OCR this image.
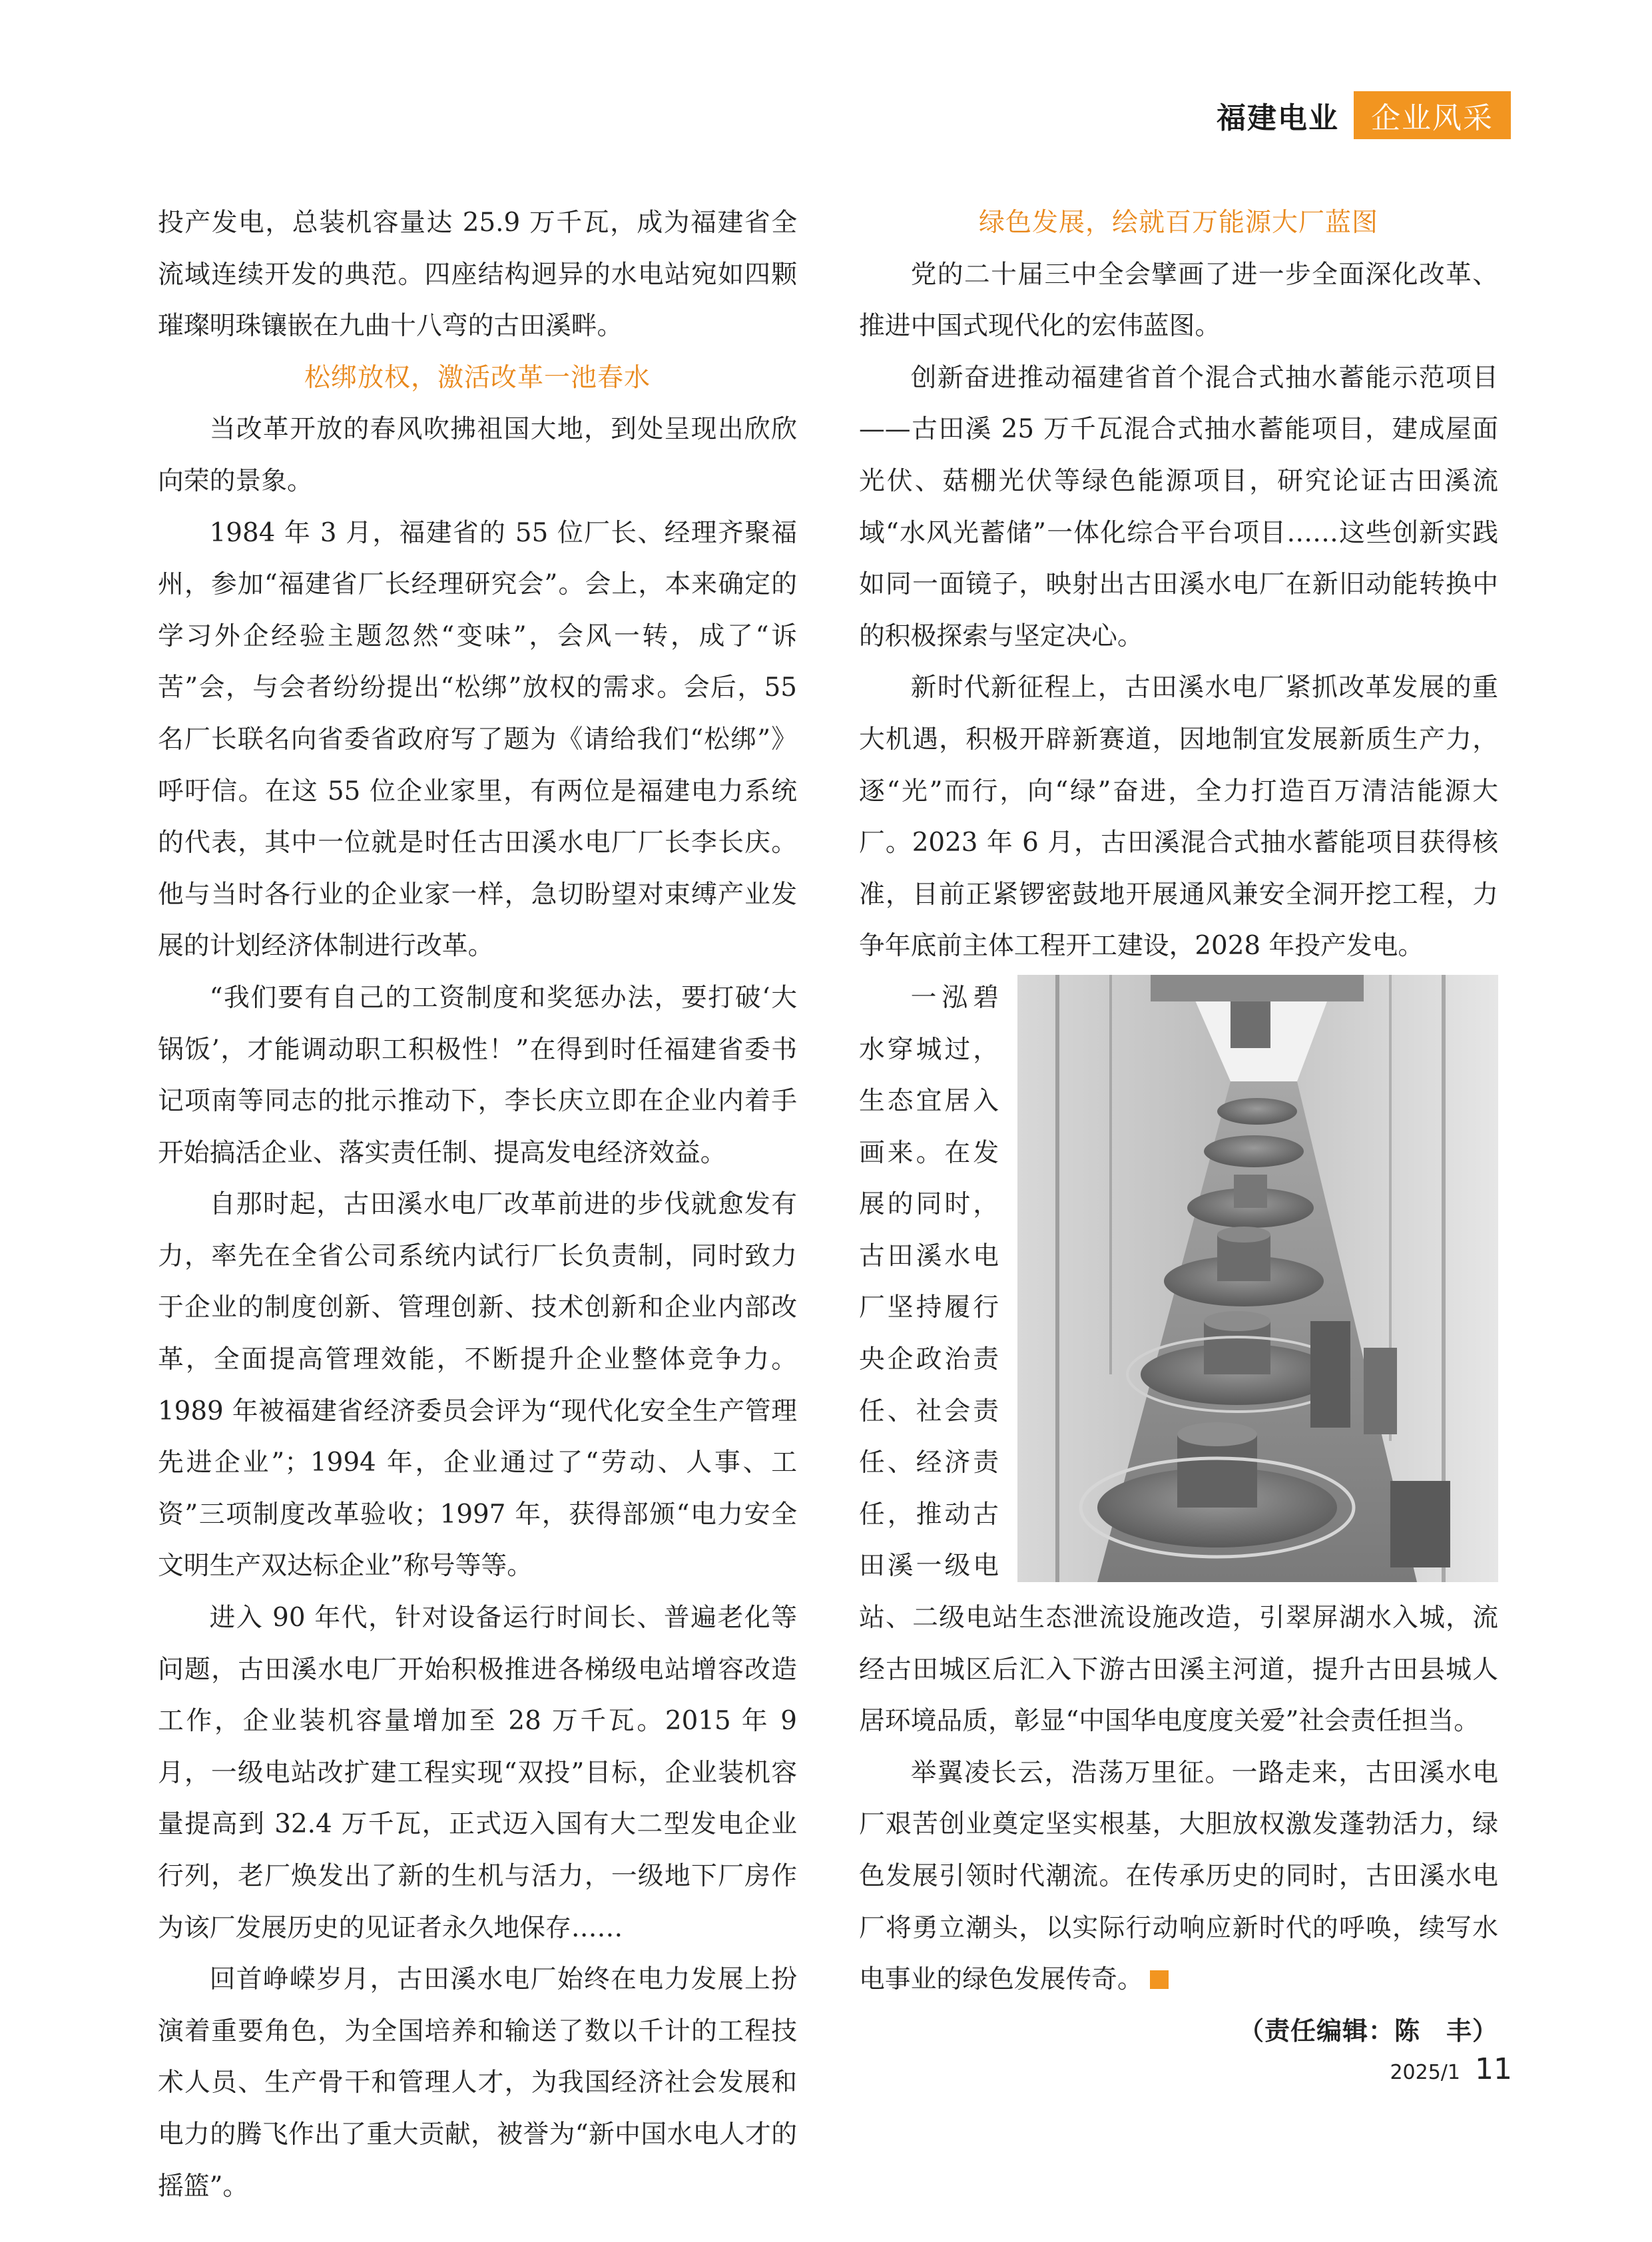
福建电业	企业风采

投产发电，总装机容量达 25.9 万千瓦，成为福建省全流域连续开发的典范。四座结构迥异的水电站宛如四颗璀璨明珠镶嵌在九曲十八弯的古田溪畔。

松绑放权，激活改革一池春水

当改革开放的春风吹拂祖国大地，到处呈现出欣欣向荣的景象。

1984 年 3 月，福建省的 55 位厂长、经理齐聚福州，参加“福建省厂长经理研究会”。会上，本来确定的学习外企经验主题忽然“变味”，会风一转，成了“诉苦”会，与会者纷纷提出“松绑”放权的需求。会后，55 名厂长联名向省委省政府写了题为《请给我们“松绑”》呼吁信。在这 55 位企业家里，有两位是福建电力系统的代表，其中一位就是时任古田溪水电厂厂长李长庆。他与当时各行业的企业家一样，急切盼望对束缚产业发展的计划经济体制进行改革。

“我们要有自己的工资制度和奖惩办法，要打破‘大锅饭’，才能调动职工积极性！”在得到时任福建省委书记项南等同志的批示推动下，李长庆立即在企业内着手开始搞活企业、落实责任制、提高发电经济效益。

自那时起，古田溪水电厂改革前进的步伐就愈发有力，率先在全省公司系统内试行厂长负责制，同时致力于企业的制度创新、管理创新、技术创新和企业内部改革，全面提高管理效能，不断提升企业整体竞争力。1989 年被福建省经济委员会评为“现代化安全生产管理先进企业”；1994 年，企业通过了“劳动、人事、工资”三项制度改革验收；1997 年，获得部颁“电力安全文明生产双达标企业”称号等等。

进入 90 年代，针对设备运行时间长、普遍老化等问题，古田溪水电厂开始积极推进各梯级电站增容改造工作，企业装机容量增加至 28 万千瓦。2015 年 9 月，一级电站改扩建工程实现“双投”目标，企业装机容量提高到 32.4 万千瓦，正式迈入国有大二型发电企业行列，老厂焕发出了新的生机与活力，一级地下厂房作为该厂发展历史的见证者永久地保存……

回首峥嵘岁月，古田溪水电厂始终在电力发展上扮演着重要角色，为全国培养和输送了数以千计的工程技术人员、生产骨干和管理人才，为我国经济社会发展和电力的腾飞作出了重大贡献，被誉为“新中国水电人才的摇篮”。

绿色发展，绘就百万能源大厂蓝图

党的二十届三中全会擘画了进一步全面深化改革、推进中国式现代化的宏伟蓝图。

创新奋进推动福建省首个混合式抽水蓄能示范项目——古田溪 25 万千瓦混合式抽水蓄能项目，建成屋面光伏、菇棚光伏等绿色能源项目，研究论证古田溪流域“水风光蓄储”一体化综合平台项目……这些创新实践如同一面镜子，映射出古田溪水电厂在新旧动能转换中的积极探索与坚定决心。

新时代新征程上，古田溪水电厂紧抓改革发展的重大机遇，积极开辟新赛道，因地制宜发展新质生产力，逐“光”而行，向“绿”奋进，全力打造百万清洁能源大厂。2023 年 6 月，古田溪混合式抽水蓄能项目获得核准，目前正紧锣密鼓地开展通风兼安全洞开挖工程，力争年底前主体工程开工建设，2028 年投产发电。

一泓碧水穿城过，生态宜居入画来。在发展的同时，古田溪水电厂坚持履行央企政治责任、社会责任、经济责任，推动古田溪一级电站、二级电站生态泄流设施改造，引翠屏湖水入城，流经古田城区后汇入下游古田溪主河道，提升古田县城人居环境品质，彰显“中国华电度度关爱”社会责任担当。

举翼凌长云，浩荡万里征。一路走来，古田溪水电厂艰苦创业奠定坚实根基，大胆放权激发蓬勃活力，绿色发展引领时代潮流。在传承历史的同时，古田溪水电厂将勇立潮头，以实际行动响应新时代的呼唤，续写水电事业的绿色发展传奇。

（责任编辑：陈　丰）
2025/1 11
